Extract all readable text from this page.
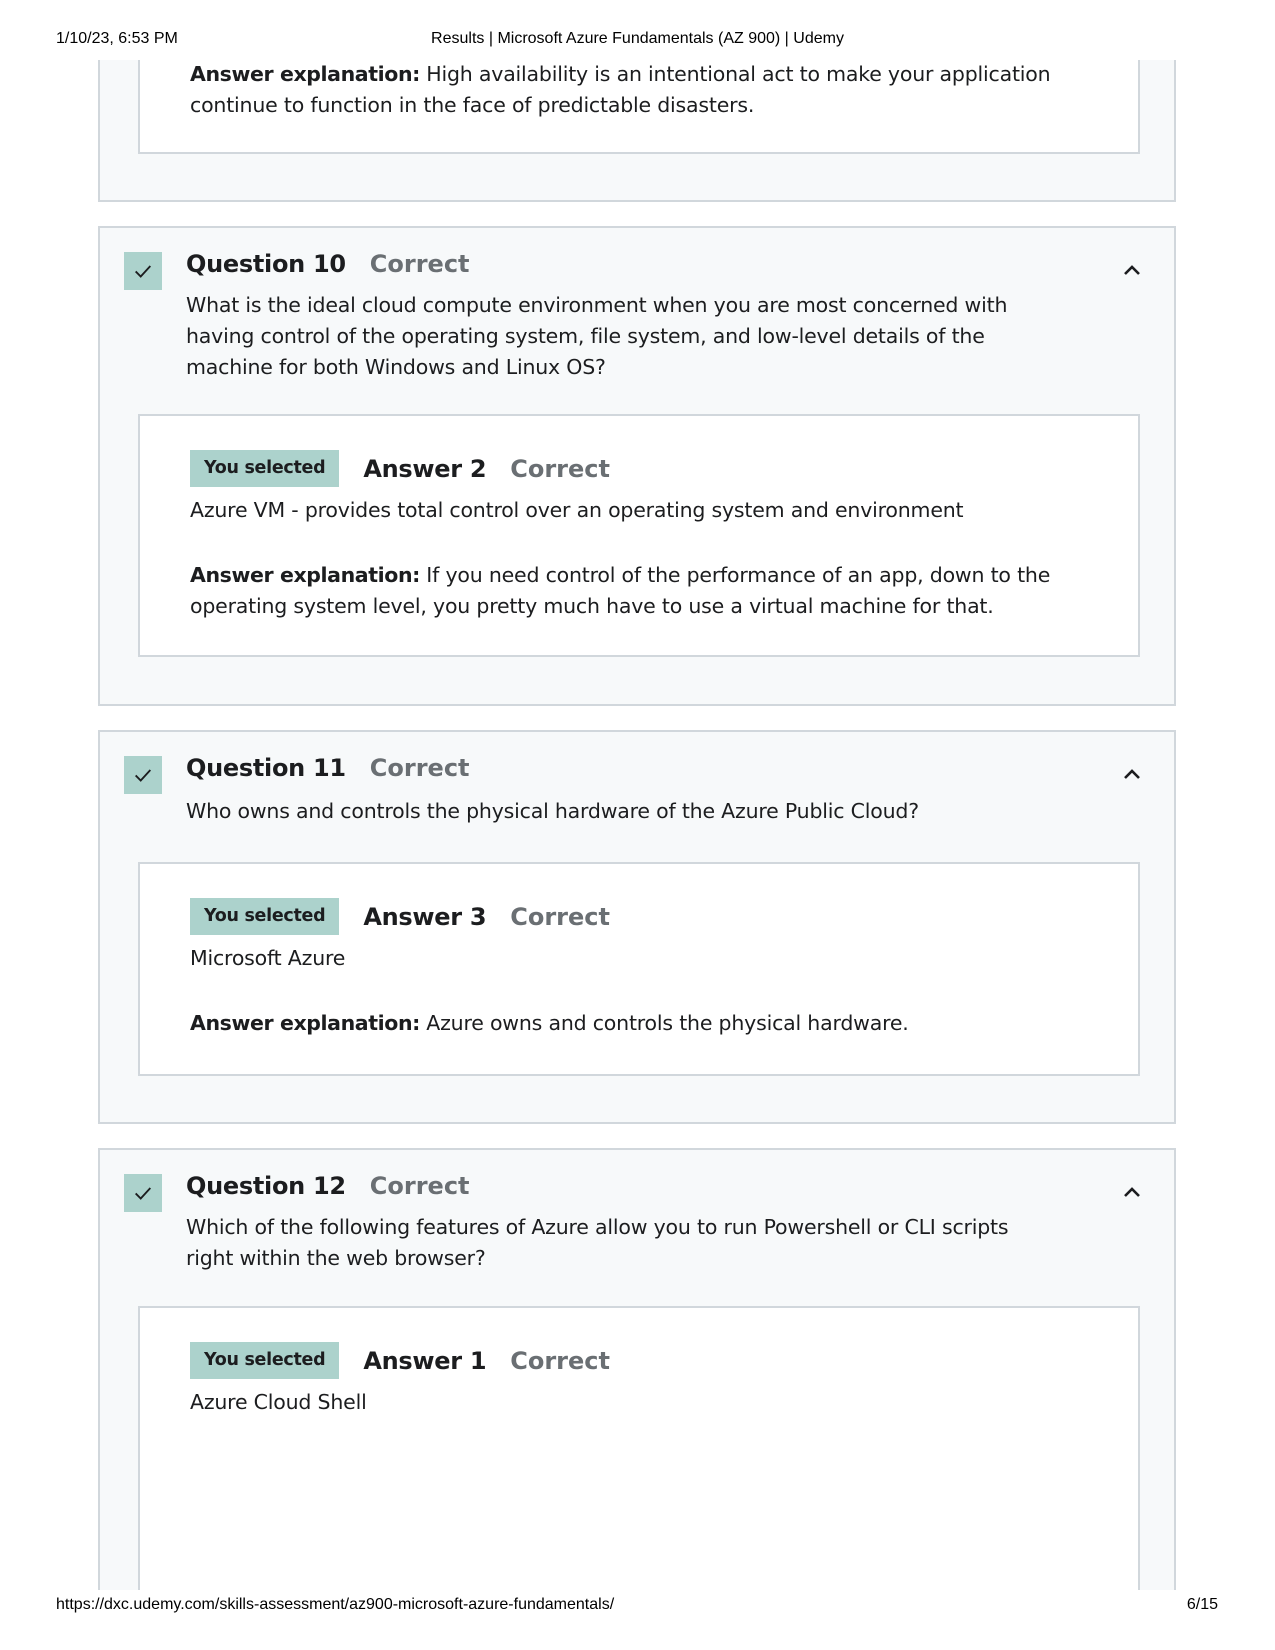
1/10/23, 6:53 PM	Results | Microsoft Azure Fundamentals (AZ 900) | Udemy
Answer explanation: High availability is an intentional act to make your application continue to function in the face of predictable disasters.
Question 10 Correct
What is the ideal cloud compute environment when you are most concerned with having control of the operating system, file system, and low-level details of the machine for both Windows and Linux OS?
You selected	Answer 2 Correct
Azure VM - provides total control over an operating system and environment
Answer explanation: If you need control of the performance of an app, down to the operating system level, you pretty much have to use a virtual machine for that.
Question 11 Correct
Who owns and controls the physical hardware of the Azure Public Cloud?
You selected	Answer 3 Correct
Microsoft Azure
Answer explanation: Azure owns and controls the physical hardware.
Question 12 Correct
Which of the following features of Azure allow you to run Powershell or CLI scripts right within the web browser?
You selected	Answer 1 Correct
Azure Cloud Shell
https://dxc.udemy.com/skills-assessment/az900-microsoft-azure-fundamentals/	6/15
